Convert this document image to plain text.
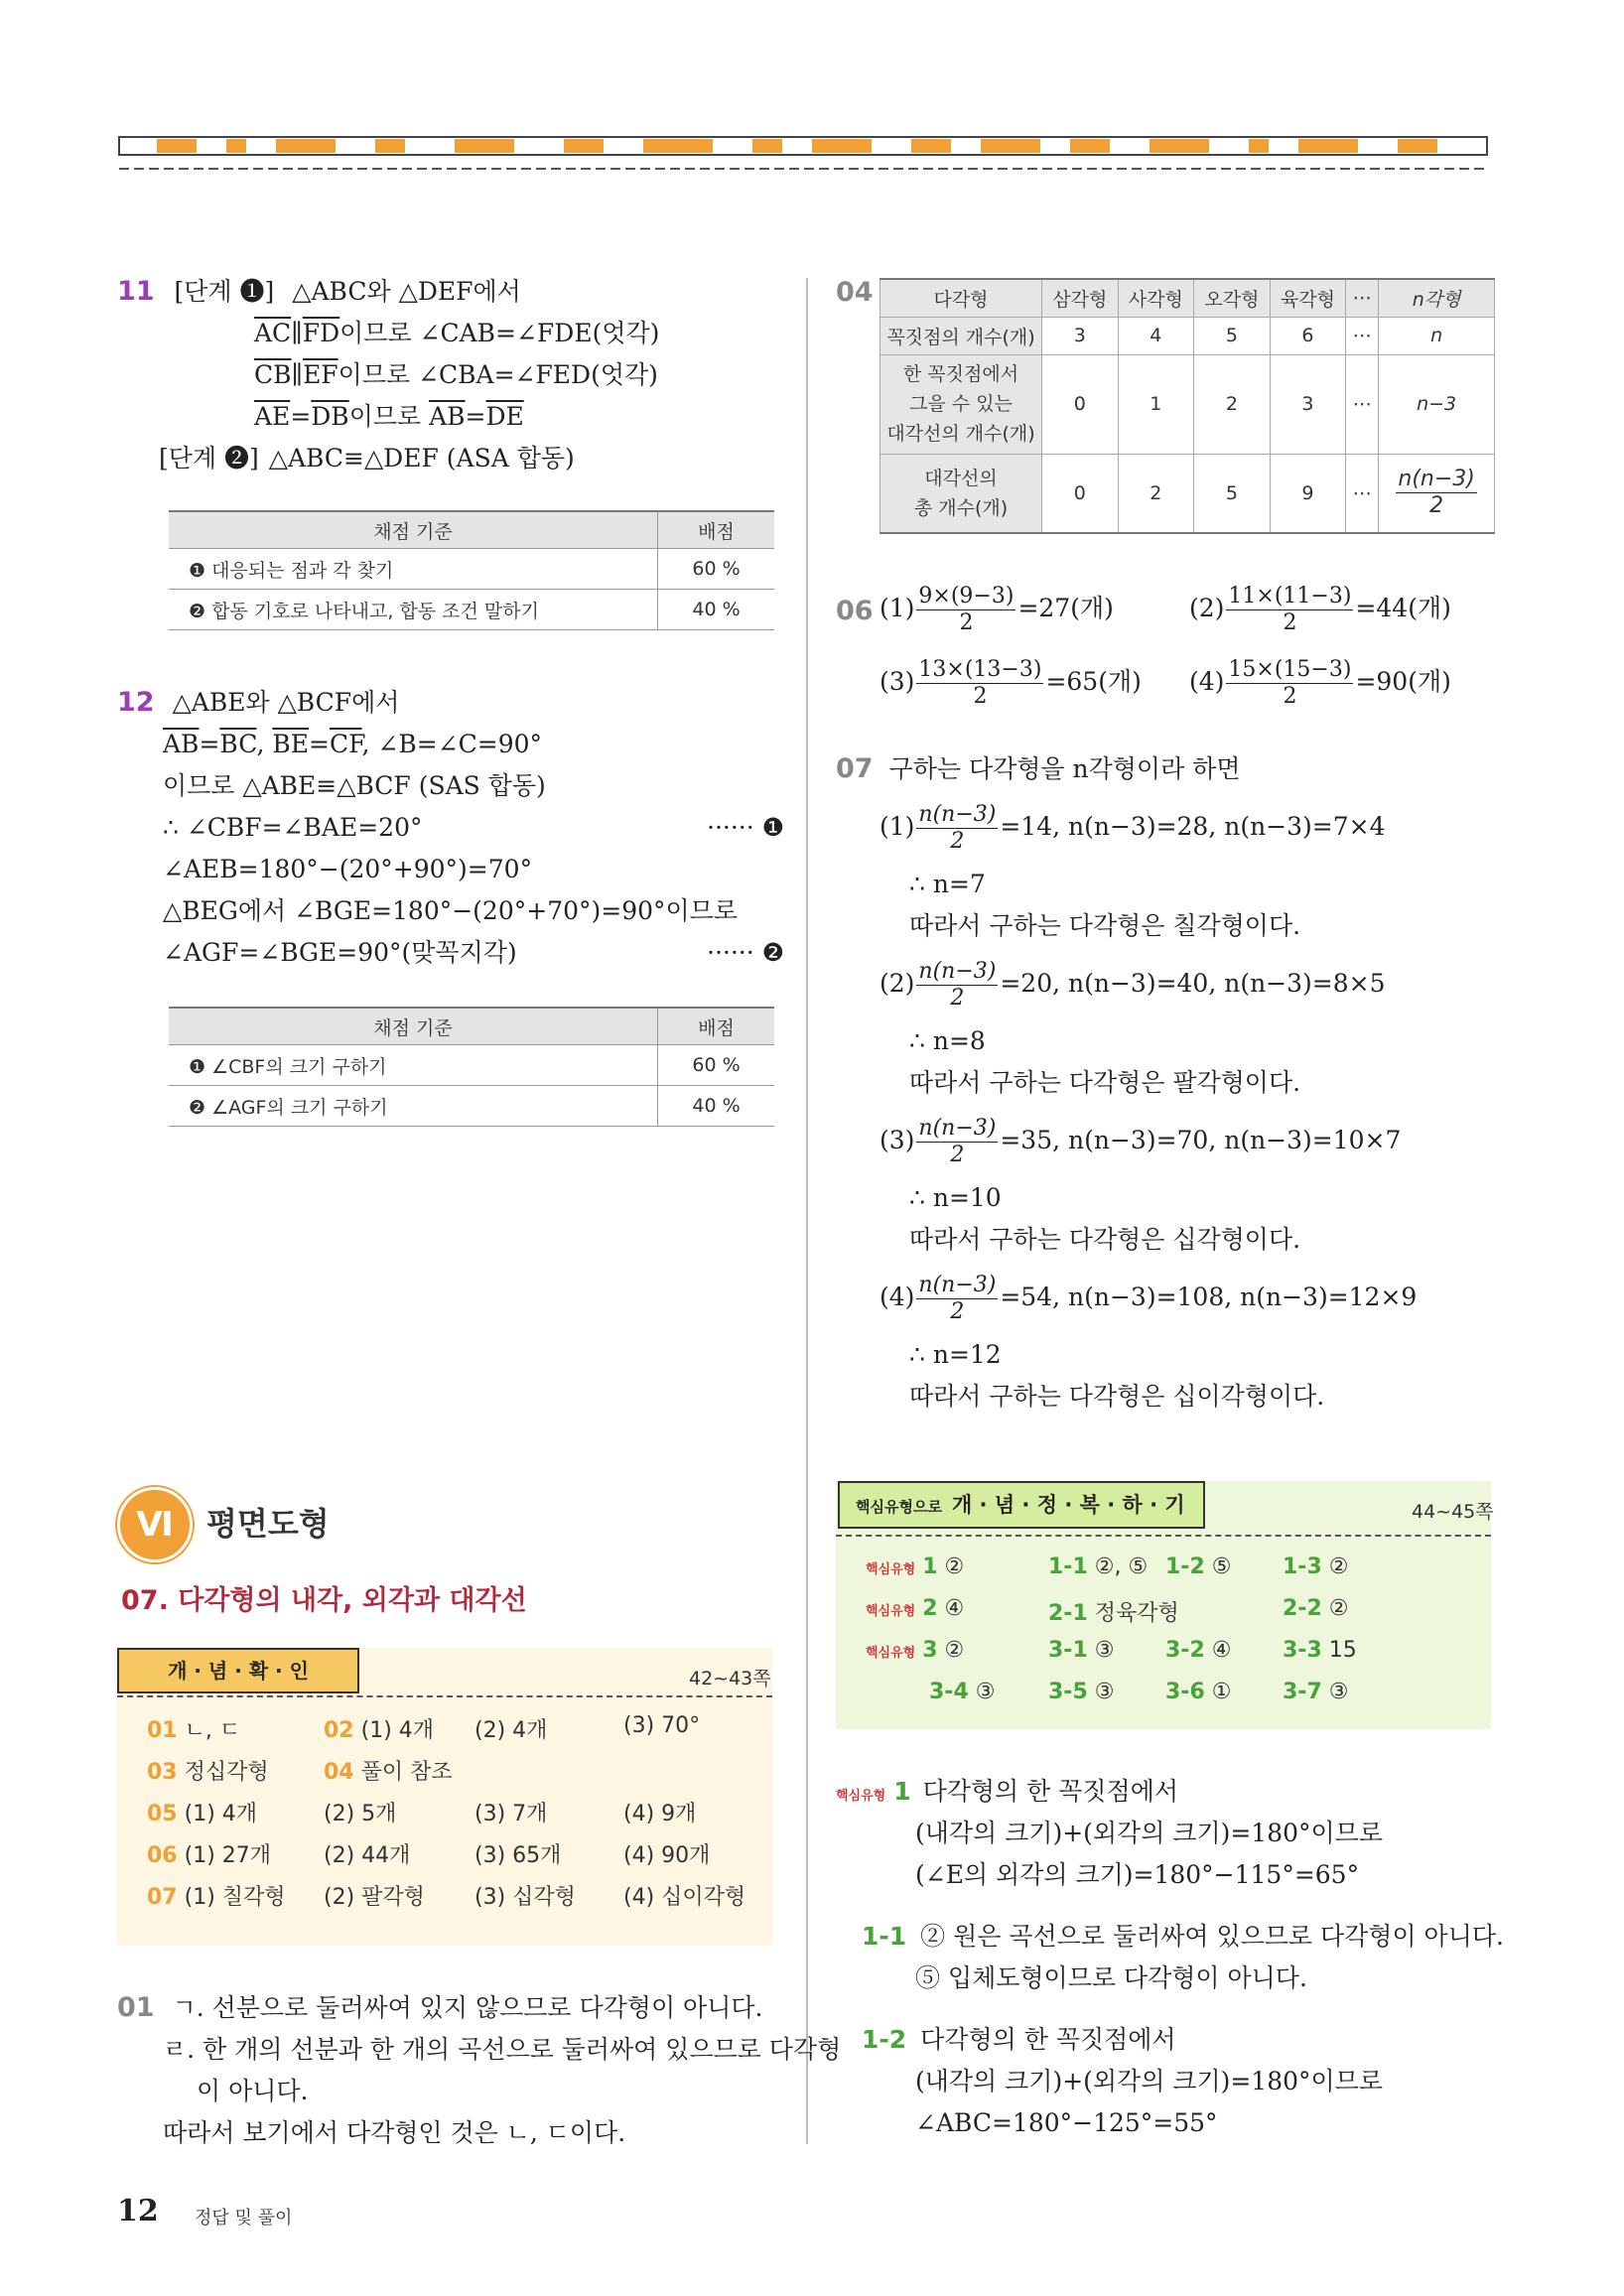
11 [단계 ❶] △ABC와 △DEF에서
$\overline{AC}\parallel\overline{FD}$이므로 ∠CAB=∠FDE(엇각)
$\overline{CB}\parallel\overline{EF}$이므로 ∠CBA=∠FED(엇각)
$\overline{AE}=\overline{DB}$이므로 $\overline{AB}=\overline{DE}$
[단계 ❷] △ABC≡△DEF (ASA 합동)
채점 기준	배점
❶ 대응되는 점과 각 찾기	60 %
❷ 합동 기호로 나타내고, 합동 조건 말하기	40 %
12 △ABE와 △BCF에서
$\overline{AB}=\overline{BC}$, $\overline{BE}=\overline{CF}$, ∠B=∠C=90°
이므로 △ABE≡△BCF (SAS 합동)
∴ ∠CBF=∠BAE=20°	······ ❶
∠AEB=180°−(20°+90°)=70°
△BEG에서 ∠BGE=180°−(20°+70°)=90°이므로
∠AGF=∠BGE=90°(맞꼭지각)	······ ❷
채점 기준	배점
❶ ∠CBF의 크기 구하기	60 %
❷ ∠AGF의 크기 구하기	40 %
Ⅵ	평면도형
07. 다각형의 내각, 외각과 대각선
개 · 념 · 확 · 인	42~43쪽
01 ㄴ, ㄷ	02 (1) 4개 (2) 4개	(3) 70°
03 정십각형	04 풀이 참조
05 (1) 4개	(2) 5개	(3) 7개	(4) 9개
06 (1) 27개 (2) 44개	(3) 65개	(4) 90개
07 (1) 칠각형 (2) 팔각형 (3) 십각형 (4) 십이각형
01 ㄱ. 선분으로 둘러싸여 있지 않으므로 다각형이 아니다.
ㄹ. 한 개의 선분과 한 개의 곡선으로 둘러싸여 있으므로 다각형
이 아니다.
따라서 보기에서 다각형인 것은 ㄴ, ㄷ이다.
12 정답 및 풀이
04	다각형	삼각형	사각형	오각형	육각형	⋯	n각형
꼭짓점의 개수(개)	3	4	5	6	⋯	n
한 꼭짓점에서
그을 수 있는
대각선의 개수(개)	0	1	2	3	⋯	n−3
대각선의
총 개수(개)	0	2	5	9	⋯	$\frac{n(n-3)}{2}$
06 $(1) \frac{9\times(9-3)}{2} =27$(개)	$(2) \frac{11\times(11-3)}{2} =44$(개)
$(3) \frac{13\times(13-3)}{2} =65$(개) $(4) \frac{15\times(15-3)}{2} =90$(개)
07 구하는 다각형을 n각형이라 하면
$(1) \frac{n(n-3)}{2} =14$, n(n−3)=28, n(n−3)=7×4
∴ n=7
따라서 구하는 다각형은 칠각형이다.
$(2) \frac{n(n-3)}{2} =20$, n(n−3)=40, n(n−3)=8×5
∴ n=8
따라서 구하는 다각형은 팔각형이다.
$(3) \frac{n(n-3)}{2} =35$, n(n−3)=70, n(n−3)=10×7
∴ n=10
따라서 구하는 다각형은 십각형이다.
$(4) \frac{n(n-3)}{2} =54$, n(n−3)=108, n(n−3)=12×9
∴ n=12
따라서 구하는 다각형은 십이각형이다.
핵심유형으로 개 · 념 · 정 · 복 · 하 · 기	44~45쪽
핵심유형 1 ②	1-1 ②, ⑤ 1-2 ⑤ 1-3 ②
핵심유형 2 ④	2-1 정육각형	2-2 ②
핵심유형 3 ②	3-1 ③ 3-2 ④ 3-3 15
3-4 ③ 3-5 ③ 3-6 ① 3-7 ③
핵심유형 1 다각형의 한 꼭짓점에서
(내각의 크기)+(외각의 크기)=180°이므로
(∠E의 외각의 크기)=180°−115°=65°
1-1 ② 원은 곡선으로 둘러싸여 있으므로 다각형이 아니다.
⑤ 입체도형이므로 다각형이 아니다.
1-2 다각형의 한 꼭짓점에서
(내각의 크기)+(외각의 크기)=180°이므로
∠ABC=180°−125°=55°
